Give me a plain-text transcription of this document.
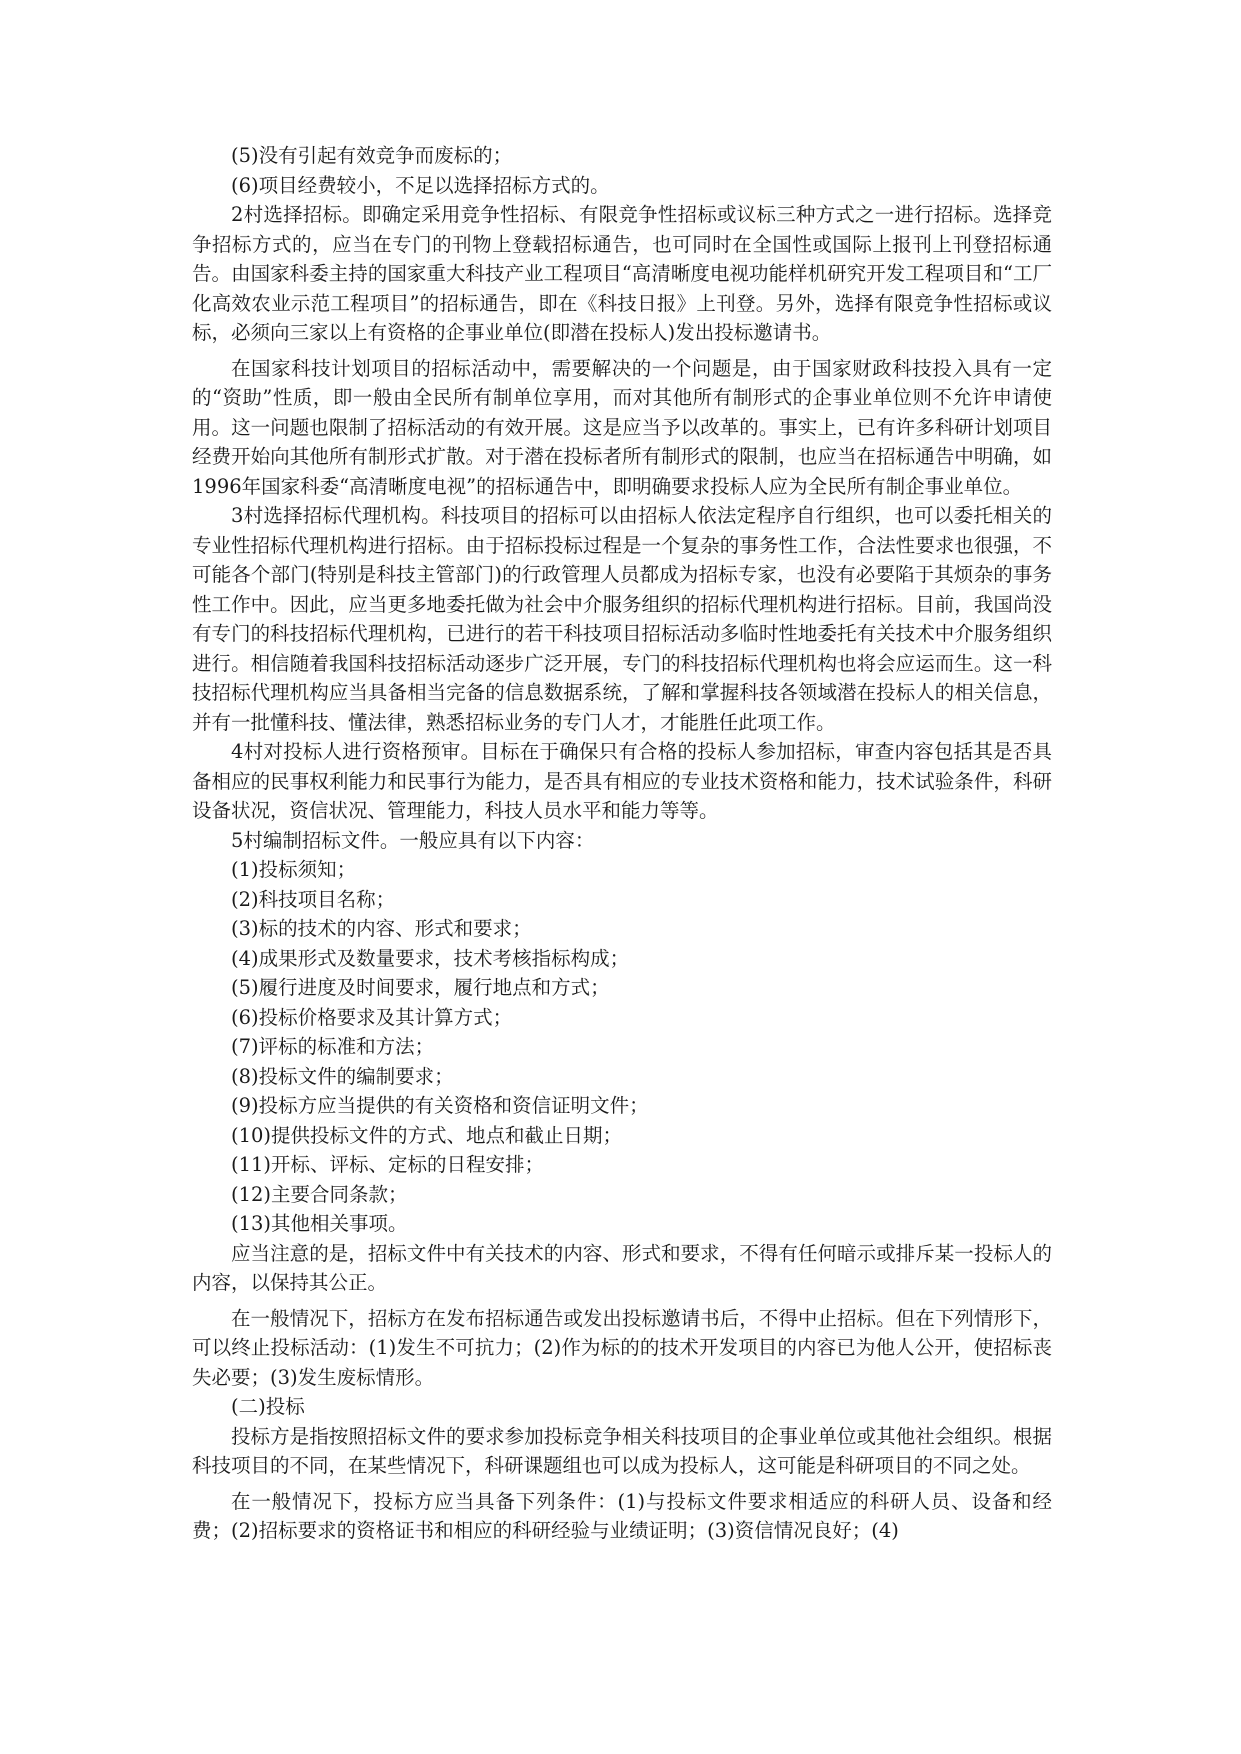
(5)没有引起有效竞争而废标的；

(6)项目经费较小，不足以选择招标方式的。

2村选择招标。即确定采用竞争性招标、有限竞争性招标或议标三种方式之一进行招标。选择竞争招标方式的，应当在专门的刊物上登载招标通告，也可同时在全国性或国际上报刊上刊登招标通告。由国家科委主持的国家重大科技产业工程项目“高清晰度电视功能样机研究开发工程项目和“工厂化高效农业示范工程项目”的招标通告，即在《科技日报》上刊登。另外，选择有限竞争性招标或议标，必须向三家以上有资格的企事业单位(即潜在投标人)发出投标邀请书。

在国家科技计划项目的招标活动中，需要解决的一个问题是，由于国家财政科技投入具有一定的“资助”性质，即一般由全民所有制单位享用，而对其他所有制形式的企事业单位则不允许申请使用。这一问题也限制了招标活动的有效开展。这是应当予以改革的。事实上，已有许多科研计划项目经费开始向其他所有制形式扩散。对于潜在投标者所有制形式的限制，也应当在招标通告中明确，如1996年国家科委“高清晰度电视”的招标通告中，即明确要求投标人应为全民所有制企事业单位。

3村选择招标代理机构。科技项目的招标可以由招标人依法定程序自行组织，也可以委托相关的专业性招标代理机构进行招标。由于招标投标过程是一个复杂的事务性工作，合法性要求也很强，不可能各个部门(特别是科技主管部门)的行政管理人员都成为招标专家，也没有必要陷于其烦杂的事务性工作中。因此，应当更多地委托做为社会中介服务组织的招标代理机构进行招标。目前，我国尚没有专门的科技招标代理机构，已进行的若干科技项目招标活动多临时性地委托有关技术中介服务组织进行。相信随着我国科技招标活动逐步广泛开展，专门的科技招标代理机构也将会应运而生。这一科技招标代理机构应当具备相当完备的信息数据系统，了解和掌握科技各领域潜在投标人的相关信息，并有一批懂科技、懂法律，熟悉招标业务的专门人才，才能胜任此项工作。

4村对投标人进行资格预审。目标在于确保只有合格的投标人参加招标，审查内容包括其是否具备相应的民事权利能力和民事行为能力，是否具有相应的专业技术资格和能力，技术试验条件，科研设备状况，资信状况、管理能力，科技人员水平和能力等等。

5村编制招标文件。一般应具有以下内容：

(1)投标须知；

(2)科技项目名称；

(3)标的技术的内容、形式和要求；

(4)成果形式及数量要求，技术考核指标构成；

(5)履行进度及时间要求，履行地点和方式；

(6)投标价格要求及其计算方式；

(7)评标的标准和方法；

(8)投标文件的编制要求；

(9)投标方应当提供的有关资格和资信证明文件；

(10)提供投标文件的方式、地点和截止日期；

(11)开标、评标、定标的日程安排；

(12)主要合同条款；

(13)其他相关事项。

应当注意的是，招标文件中有关技术的内容、形式和要求，不得有任何暗示或排斥某一投标人的内容，以保持其公正。

在一般情况下，招标方在发布招标通告或发出投标邀请书后，不得中止招标。但在下列情形下，可以终止投标活动：(1)发生不可抗力；(2)作为标的的技术开发项目的内容已为他人公开，使招标丧失必要；(3)发生废标情形。

(二)投标

投标方是指按照招标文件的要求参加投标竞争相关科技项目的企事业单位或其他社会组织。根据科技项目的不同，在某些情况下，科研课题组也可以成为投标人，这可能是科研项目的不同之处。

在一般情况下，投标方应当具备下列条件：(1)与投标文件要求相适应的科研人员、设备和经费；(2)招标要求的资格证书和相应的科研经验与业绩证明；(3)资信情况良好；(4)
